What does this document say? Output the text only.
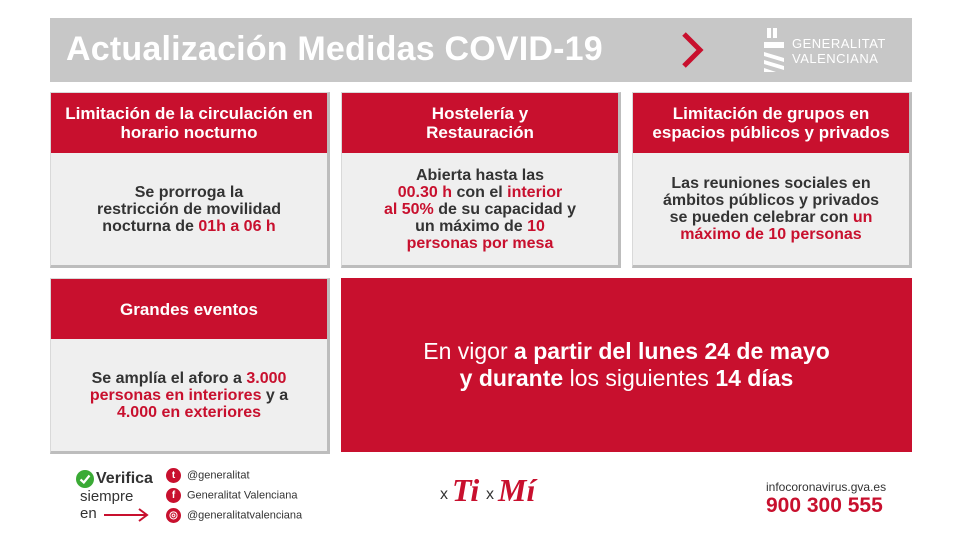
Actualización Medidas COVID-19	GENERALITAT
VALENCIANA
Limitación de la circulación en horario nocturno
Se prorroga la
restricción de movilidad
nocturna de 01h a 06 h
Hostelería y
Restauración
Abierta hasta las
00.30 h con el interior
al 50% de su capacidad y
un máximo de 10
personas por mesa
Limitación de grupos en
espacios públicos y privados
Las reuniones sociales en
ámbitos públicos y privados
se pueden celebrar con un
máximo de 10 personas
Grandes eventos
Se amplía el aforo a 3.000
personas en interiores y a
4.000 en exteriores
En vigor a partir del lunes 24 de mayo
y durante los siguientes 14 días
Verifica
siempre
en
t @generalitat
f Generalitat Valenciana
◎ @generalitatvalenciana
x Ti x Mí	infocoronavirus.gva.es
900 300 555
